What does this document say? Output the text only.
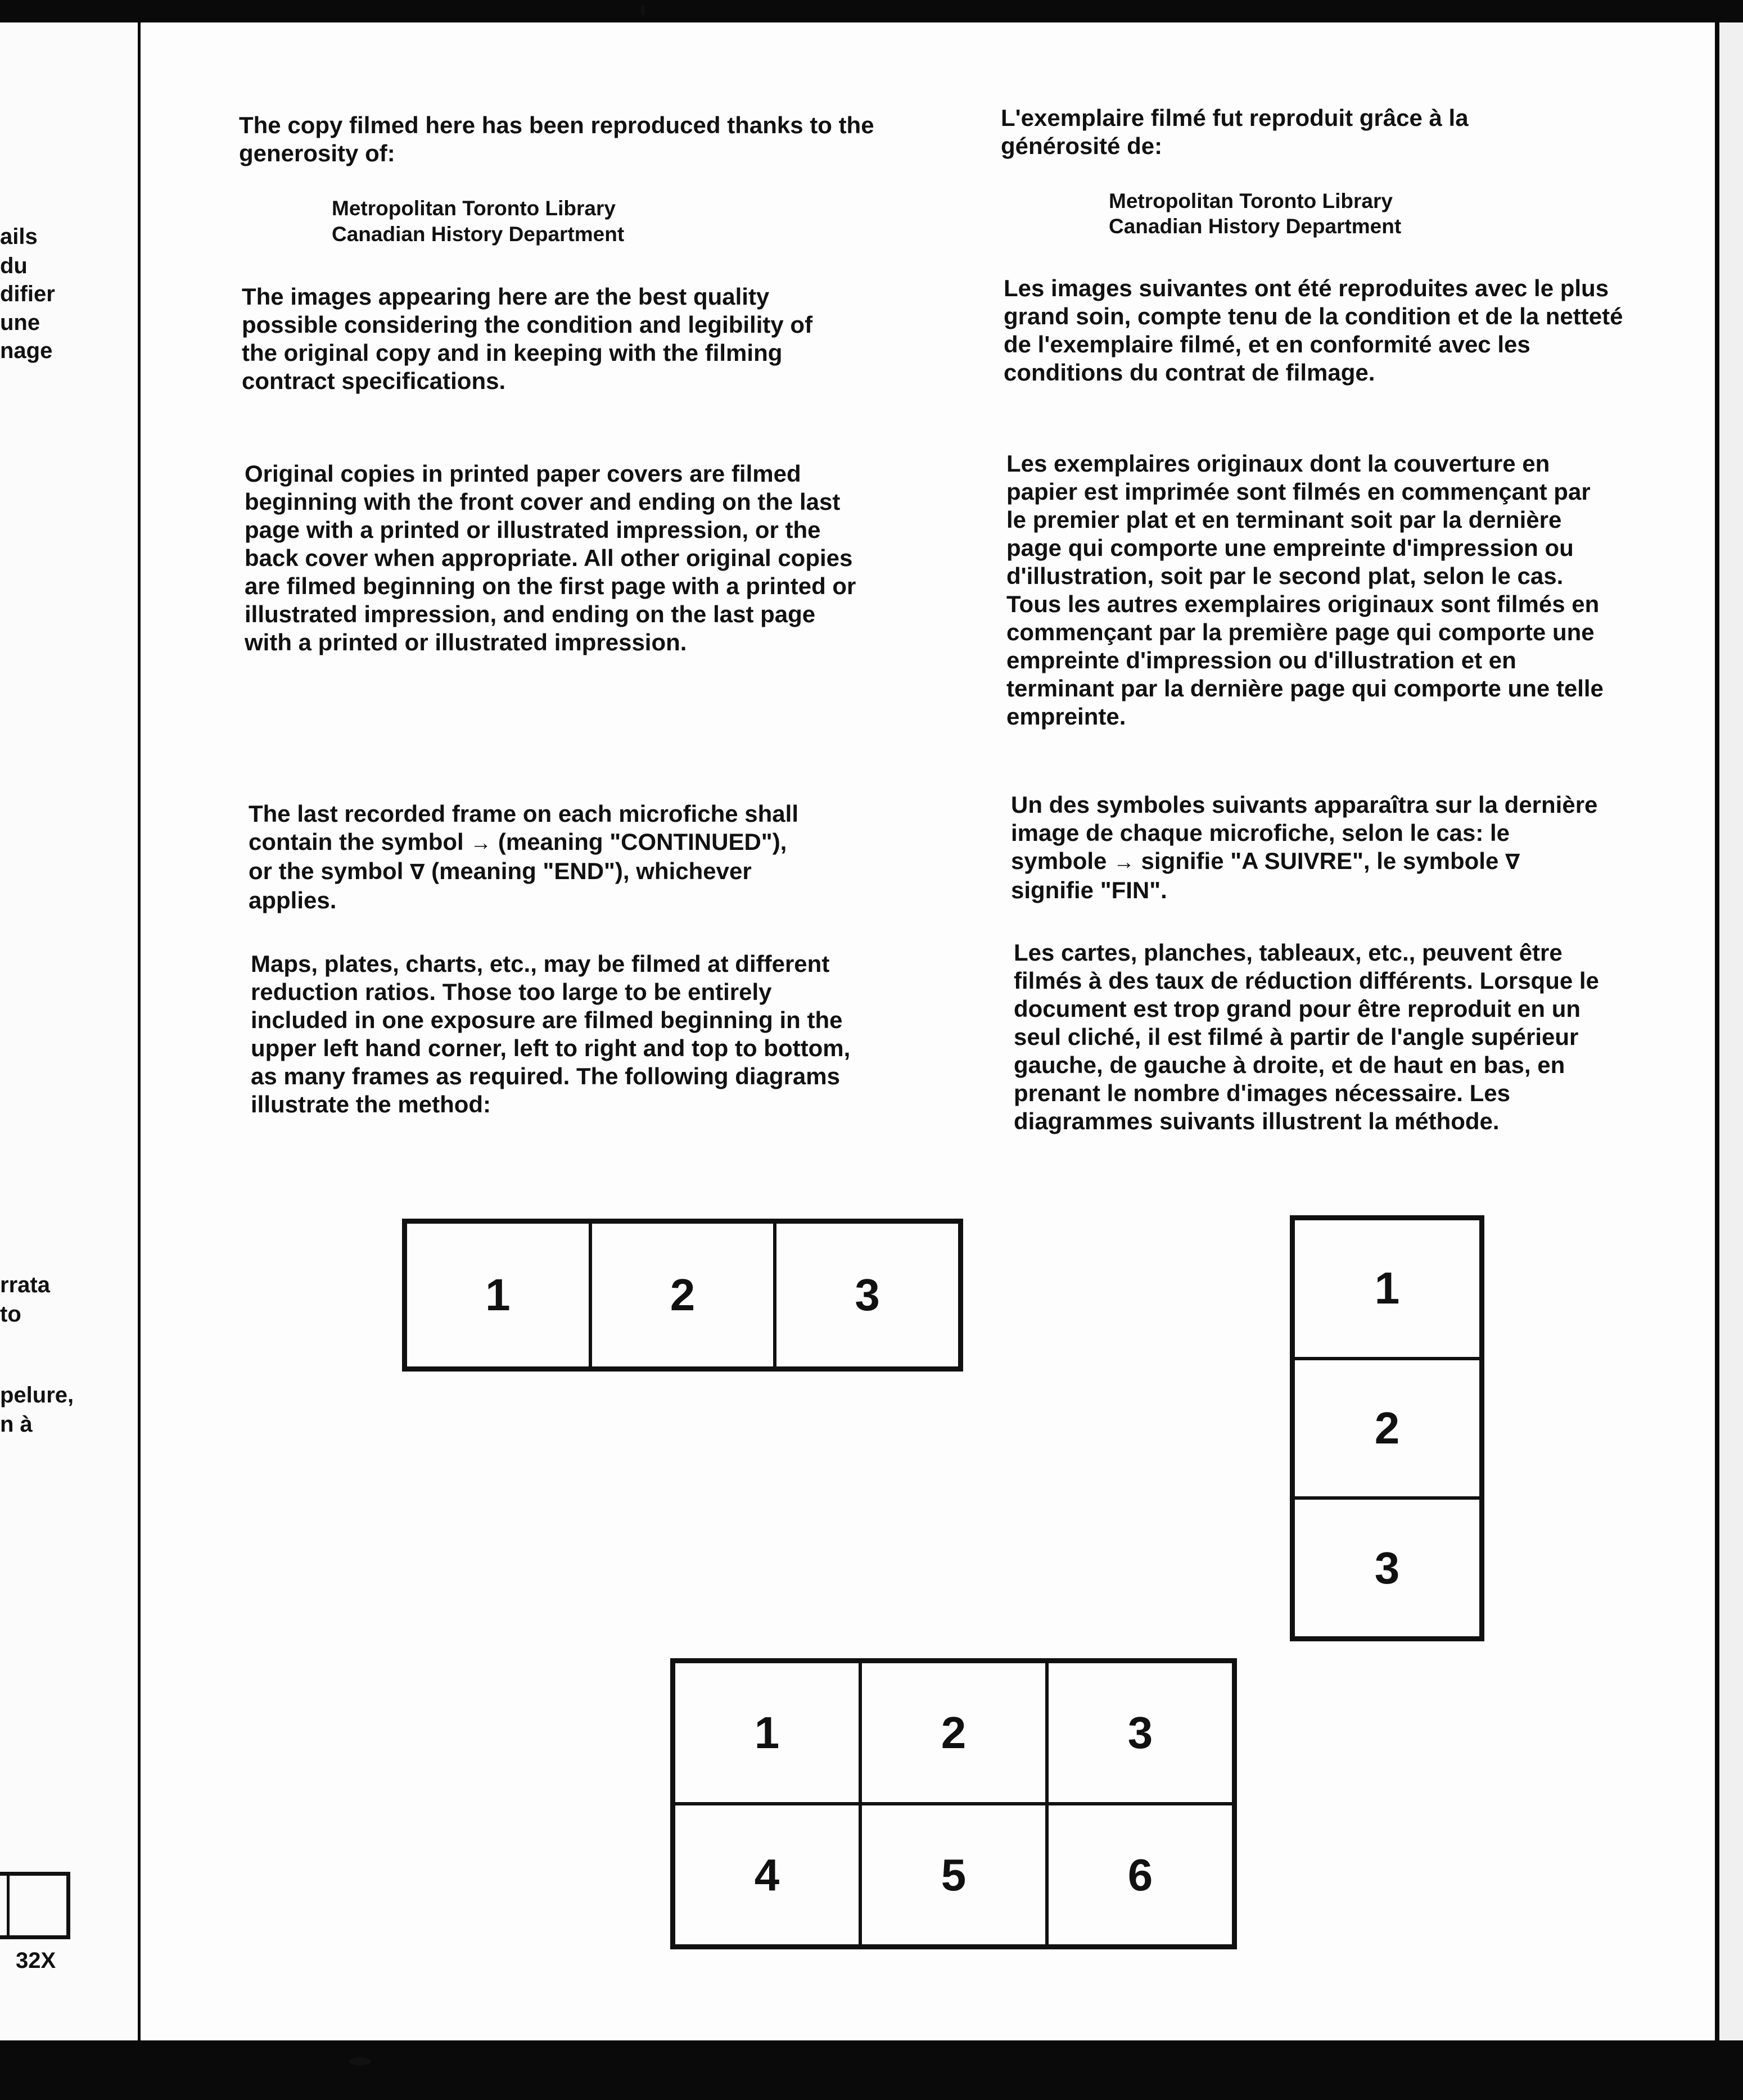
ails
du
difier
une
nage
rrata
to
pelure,
n à
32X
The copy filmed here has been reproduced thanks to the generosity of:
Metropolitan Toronto Library
Canadian History Department
The images appearing here are the best quality possible considering the condition and legibility of the original copy and in keeping with the filming contract specifications.
Original copies in printed paper covers are filmed beginning with the front cover and ending on the last page with a printed or illustrated impression, or the back cover when appropriate. All other original copies are filmed beginning on the first page with a printed or illustrated impression, and ending on the last page with a printed or illustrated impression.
The last recorded frame on each microfiche shall contain the symbol → (meaning "CONTINUED"), or the symbol ∇ (meaning "END"), whichever applies.
Maps, plates, charts, etc., may be filmed at different reduction ratios. Those too large to be entirely included in one exposure are filmed beginning in the upper left hand corner, left to right and top to bottom, as many frames as required. The following diagrams illustrate the method:
L'exemplaire filmé fut reproduit grâce à la générosité de:
Metropolitan Toronto Library
Canadian History Department
Les images suivantes ont été reproduites avec le plus grand soin, compte tenu de la condition et de la netteté de l'exemplaire filmé, et en conformité avec les conditions du contrat de filmage.
Les exemplaires originaux dont la couverture en papier est imprimée sont filmés en commençant par le premier plat et en terminant soit par la dernière page qui comporte une empreinte d'impression ou d'illustration, soit par le second plat, selon le cas. Tous les autres exemplaires originaux sont filmés en commençant par la première page qui comporte une empreinte d'impression ou d'illustration et en terminant par la dernière page qui comporte une telle empreinte.
Un des symboles suivants apparaîtra sur la dernière image de chaque microfiche, selon le cas: le symbole → signifie "A SUIVRE", le symbole ∇ signifie "FIN".
Les cartes, planches, tableaux, etc., peuvent être filmés à des taux de réduction différents. Lorsque le document est trop grand pour être reproduit en un seul cliché, il est filmé à partir de l'angle supérieur gauche, de gauche à droite, et de haut en bas, en prenant le nombre d'images nécessaire. Les diagrammes suivants illustrent la méthode.
1	2	3	1
2
3
1	2	3
4	5	6
